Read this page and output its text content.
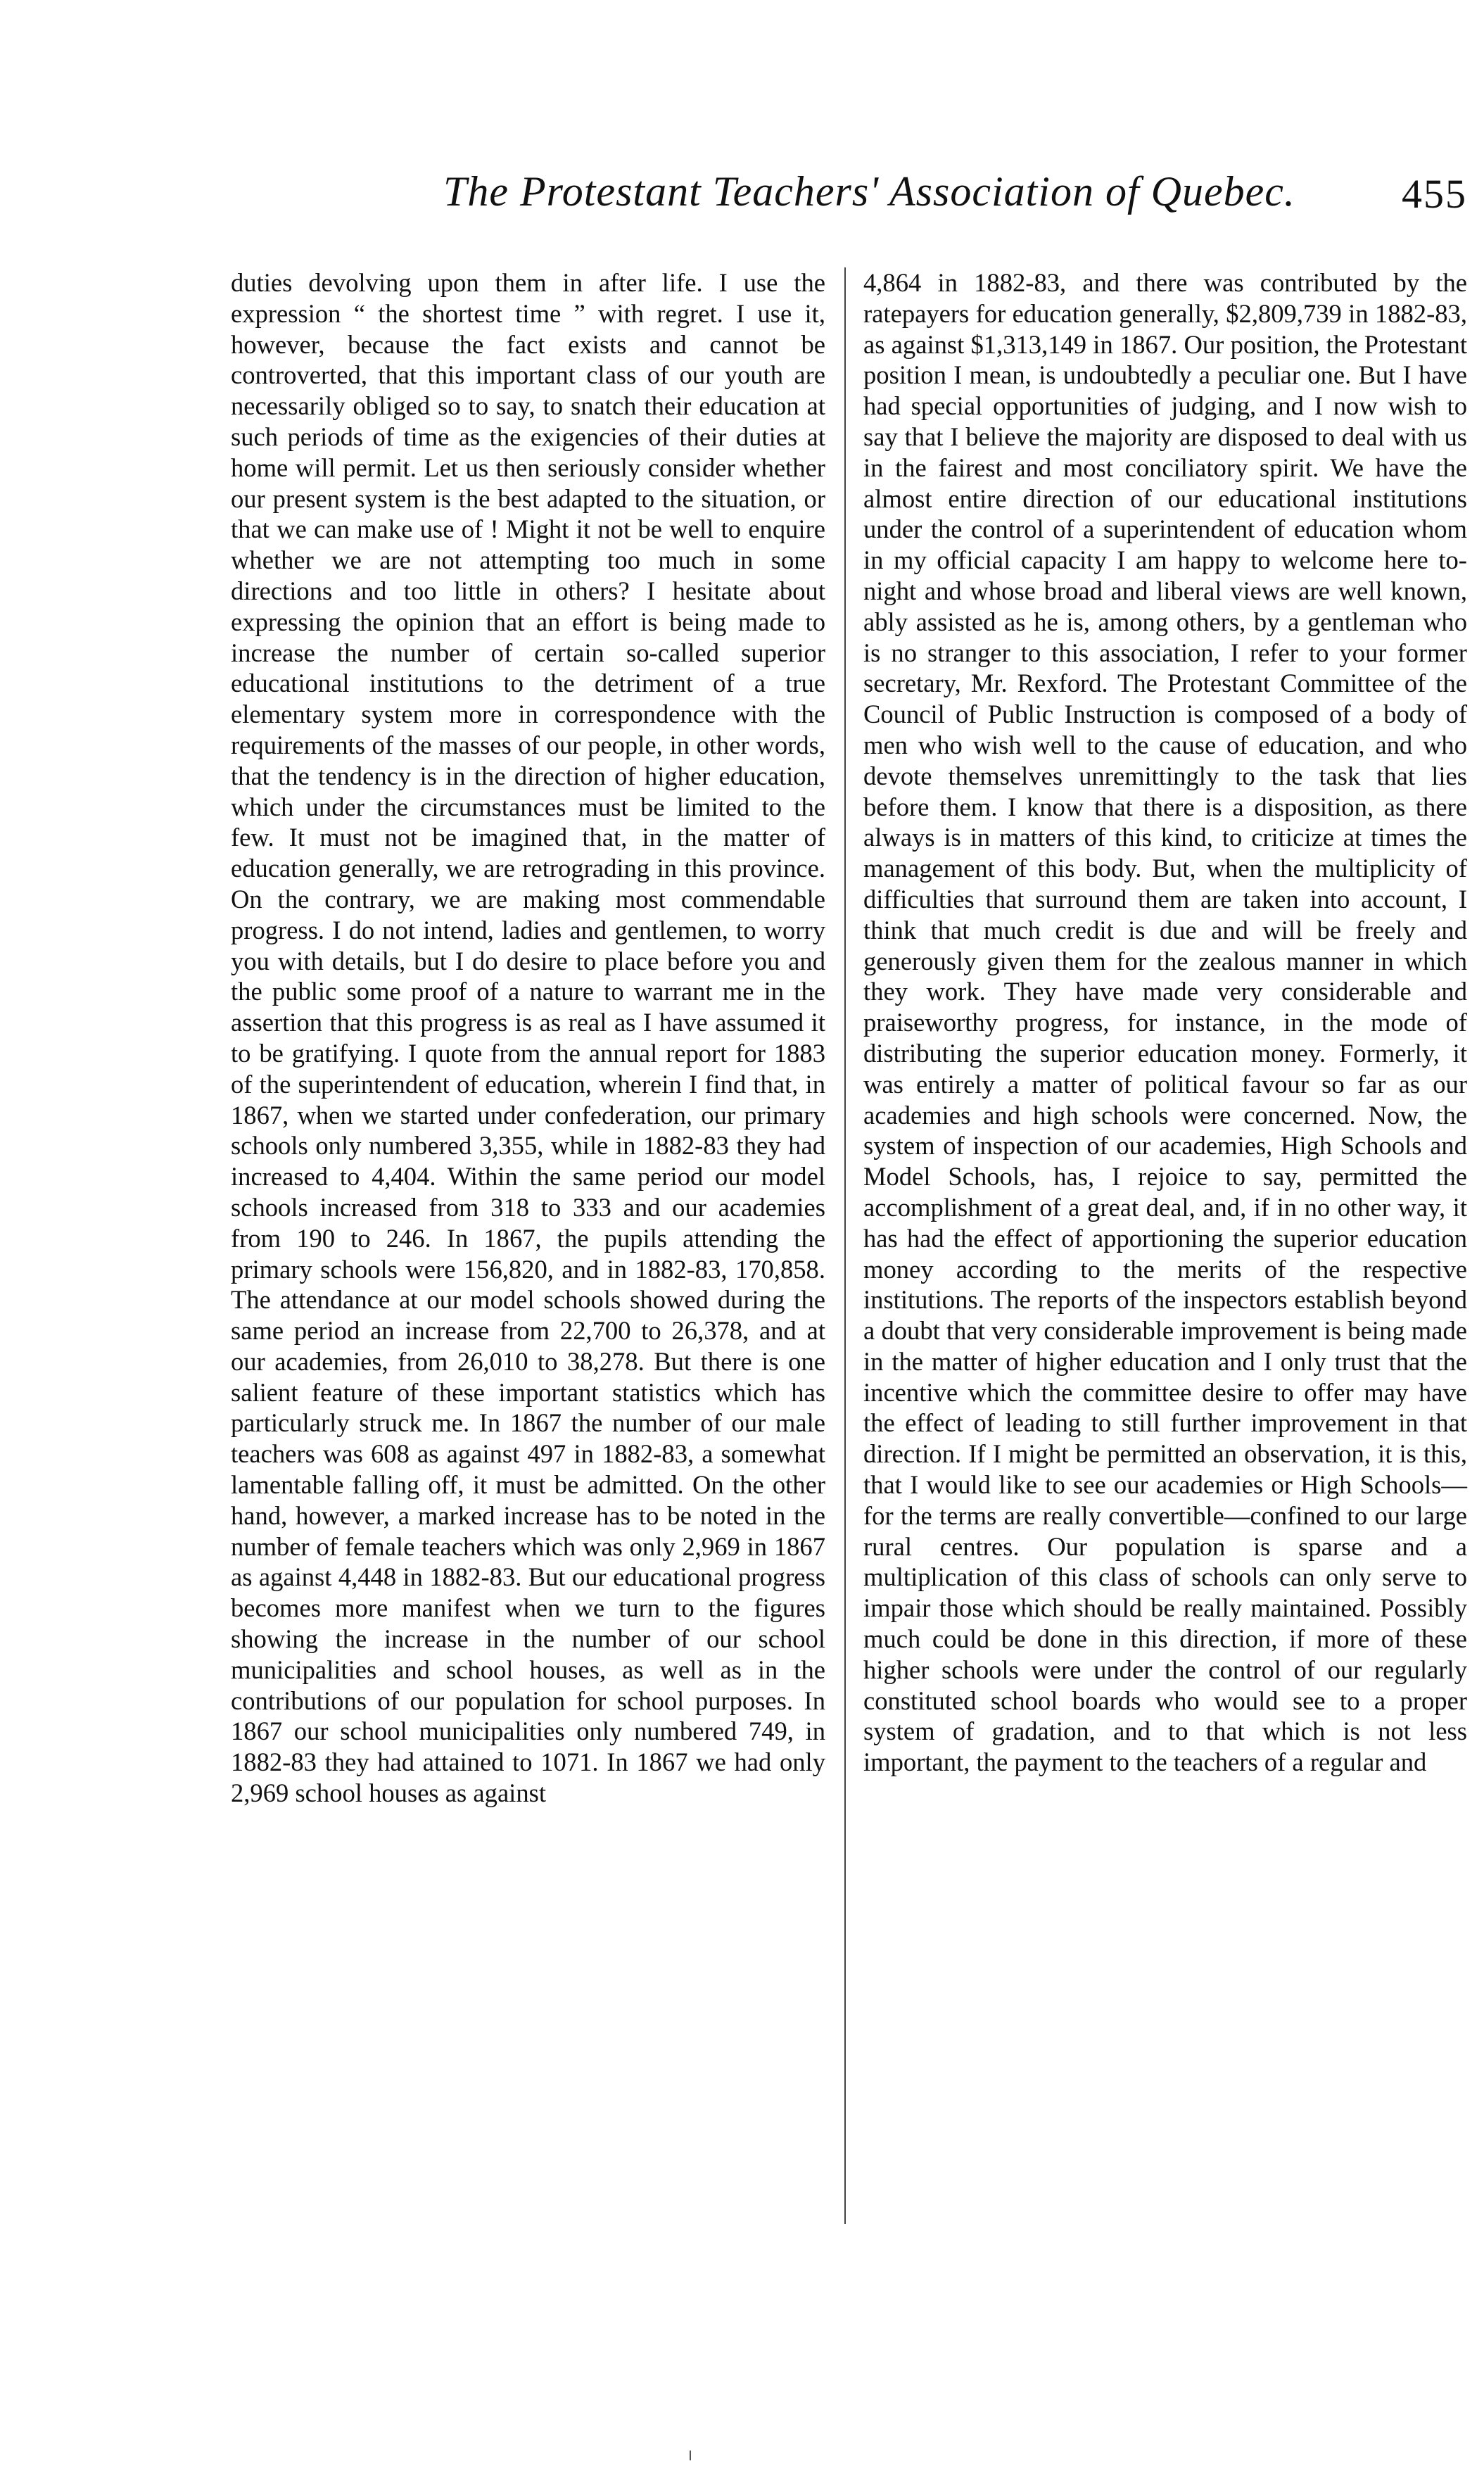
The Protestant Teachers' Association of Quebec.	455
duties devolving upon them in after life. I use the expression “ the shortest time ” with regret. I use it, however, because the fact exists and cannot be controverted, that this important class of our youth are necessarily obliged so to say, to snatch their education at such periods of time as the exigencies of their duties at home will permit. Let us then seriously consider whether our present system is the best adapted to the situation, or that we can make use of ! Might it not be well to enquire whether we are not attempting too much in some directions and too little in others? I hesitate about expressing the opinion that an effort is being made to increase the number of certain so-called superior educational institutions to the detriment of a true elementary system more in correspondence with the requirements of the masses of our people, in other words, that the tendency is in the direction of higher education, which under the circumstances must be limited to the few. It must not be imagined that, in the matter of education generally, we are retrograding in this province. On the contrary, we are making most commendable progress. I do not intend, ladies and gentlemen, to worry you with details, but I do desire to place before you and the public some proof of a nature to warrant me in the assertion that this progress is as real as I have assumed it to be gratifying. I quote from the annual report for 1883 of the superintendent of education, wherein I find that, in 1867, when we started under confederation, our primary schools only numbered 3,355, while in 1882-83 they had increased to 4,404. Within the same period our model schools increased from 318 to 333 and our academies from 190 to 246. In 1867, the pupils attending the primary schools were 156,820, and in 1882-83, 170,858. The attendance at our model schools showed during the same period an increase from 22,700 to 26,378, and at our academies, from 26,010 to 38,278. But there is one salient feature of these important statistics which has particularly struck me. In 1867 the number of our male teachers was 608 as against 497 in 1882-83, a somewhat lamentable falling off, it must be admitted. On the other hand, however, a marked increase has to be noted in the number of female teachers which was only 2,969 in 1867 as against 4,448 in 1882-83. But our educational progress becomes more manifest when we turn to the figures showing the increase in the number of our school municipalities and school houses, as well as in the contributions of our population for school purposes. In 1867 our school municipalities only numbered 749, in 1882-83 they had attained to 1071. In 1867 we had only 2,969 school houses as against
4,864 in 1882-83, and there was contributed by the ratepayers for education generally, $2,809,739 in 1882-83, as against $1,313,149 in 1867. Our position, the Protestant position I mean, is undoubtedly a peculiar one. But I have had special opportunities of judging, and I now wish to say that I believe the majority are disposed to deal with us in the fairest and most conciliatory spirit. We have the almost entire direction of our educational institutions under the control of a superintendent of education whom in my official capacity I am happy to welcome here to-night and whose broad and liberal views are well known, ably assisted as he is, among others, by a gentleman who is no stranger to this association, I refer to your former secretary, Mr. Rexford. The Protestant Committee of the Council of Public Instruction is composed of a body of men who wish well to the cause of education, and who devote themselves unremittingly to the task that lies before them. I know that there is a disposition, as there always is in matters of this kind, to criticize at times the management of this body. But, when the multiplicity of difficulties that surround them are taken into account, I think that much credit is due and will be freely and generously given them for the zealous manner in which they work. They have made very considerable and praiseworthy progress, for instance, in the mode of distributing the superior education money. Formerly, it was entirely a matter of political favour so far as our academies and high schools were concerned. Now, the system of inspection of our academies, High Schools and Model Schools, has, I rejoice to say, permitted the accomplishment of a great deal, and, if in no other way, it has had the effect of apportioning the superior education money according to the merits of the respective institutions. The reports of the inspectors establish beyond a doubt that very considerable improvement is being made in the matter of higher education and I only trust that the incentive which the committee desire to offer may have the effect of leading to still further improvement in that direction. If I might be permitted an observation, it is this, that I would like to see our academies or High Schools—for the terms are really convertible—confined to our large rural centres. Our population is sparse and a multiplication of this class of schools can only serve to impair those which should be really maintained. Possibly much could be done in this direction, if more of these higher schools were under the control of our regularly constituted school boards who would see to a proper system of gradation, and to that which is not less important, the payment to the teachers of a regular and
